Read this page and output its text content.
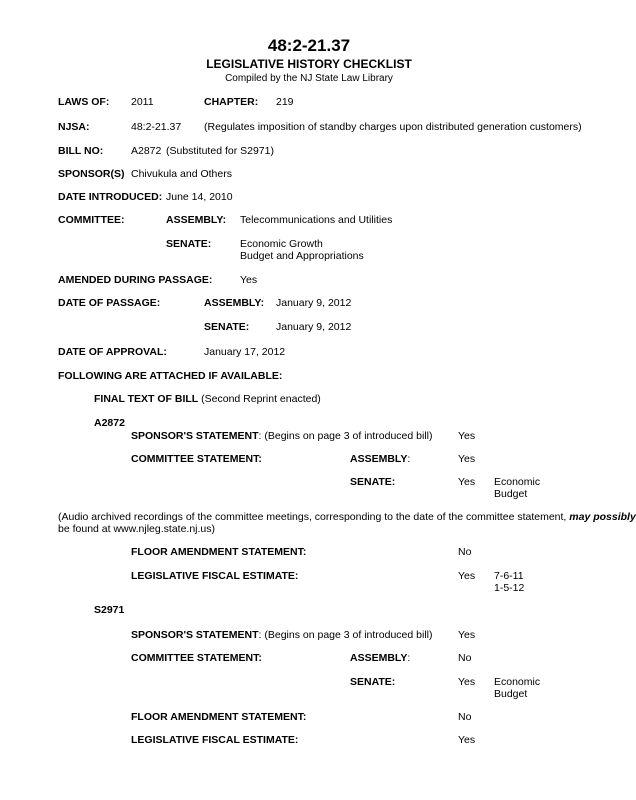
48:2-21.37
LEGISLATIVE HISTORY CHECKLIST
Compiled by the NJ State Law Library
LAWS OF: 2011	CHAPTER: 219
NJSA:	48:2-21.37 (Regulates imposition of standby charges upon distributed generation customers)
BILL NO:	A2872 (Substituted for S2971)
SPONSOR(S) Chivukula and Others
DATE INTRODUCED: June 14, 2010
COMMITTEE:	ASSEMBLY: Telecommunications and Utilities
SENATE:	Economic Growth
Budget and Appropriations
AMENDED DURING PASSAGE:	Yes
DATE OF PASSAGE:	ASSEMBLY: January 9, 2012
SENATE:	January 9, 2012
DATE OF APPROVAL:	January 17, 2012
FOLLOWING ARE ATTACHED IF AVAILABLE:
FINAL TEXT OF BILL (Second Reprint enacted)
A2872
SPONSOR'S STATEMENT: (Begins on page 3 of introduced bill) Yes
COMMITTEE STATEMENT:	ASSEMBLY:	Yes
SENATE:	Yes Economic
Budget
(Audio archived recordings of the committee meetings, corresponding to the date of the committee statement, may possibly
be found at www.njleg.state.nj.us)
FLOOR AMENDMENT STATEMENT:	No
LEGISLATIVE FISCAL ESTIMATE:	Yes 7-6-11
1-5-12
S2971
SPONSOR'S STATEMENT: (Begins on page 3 of introduced bill) Yes
COMMITTEE STATEMENT:	ASSEMBLY:	No
SENATE:	Yes Economic
Budget
FLOOR AMENDMENT STATEMENT:	No
LEGISLATIVE FISCAL ESTIMATE:	Yes
